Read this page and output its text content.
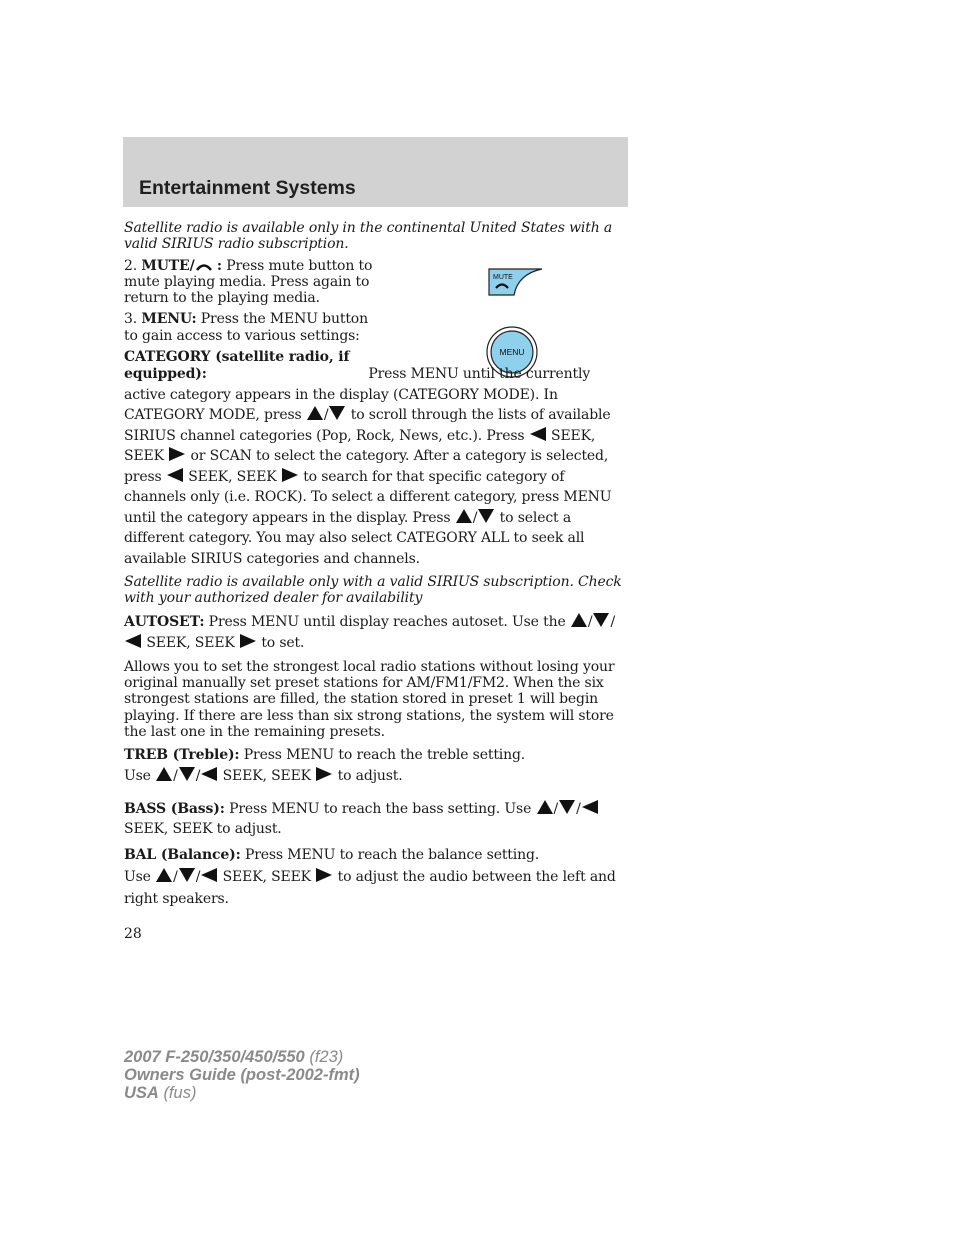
Entertainment Systems
MUTE
MENU

Satellite radio is available only in the continental United States with a valid SIRIUS radio subscription.

2. MUTE/ : Press mute button to mute playing media. Press again to return to the playing media.

3. MENU: Press the MENU button to gain access to various settings:

CATEGORY (satellite radio, if equipped):	Press MENU until the currently active category appears in the display (CATEGORY MODE). In CATEGORY MODE, press / to scroll through the lists of available SIRIUS channel categories (Pop, Rock, News, etc.). Press SEEK, SEEK or SCAN to select the category. After a category is selected, press SEEK, SEEK to search for that specific category of channels only (i.e. ROCK). To select a different category, press MENU until the category appears in the display. Press / to select a different category. You may also select CATEGORY ALL to seek all available SIRIUS categories and channels.

Satellite radio is available only with a valid SIRIUS subscription. Check with your authorized dealer for availability

AUTOSET: Press MENU until display reaches autoset. Use the / / SEEK, SEEK to set.

Allows you to set the strongest local radio stations without losing your original manually set preset stations for AM/FM1/FM2. When the six strongest stations are filled, the station stored in preset 1 will begin playing. If there are less than six strong stations, the system will store the last one in the remaining presets.

TREB (Treble): Press MENU to reach the treble setting.
Use / / SEEK, SEEK to adjust.

BASS (Bass): Press MENU to reach the bass setting. Use / / SEEK, SEEK to adjust.

BAL (Balance): Press MENU to reach the balance setting.
Use / / SEEK, SEEK to adjust the audio between the left and right speakers.

28
2007 F-250/350/450/550 (f23)
Owners Guide (post-2002-fmt)
USA (fus)
